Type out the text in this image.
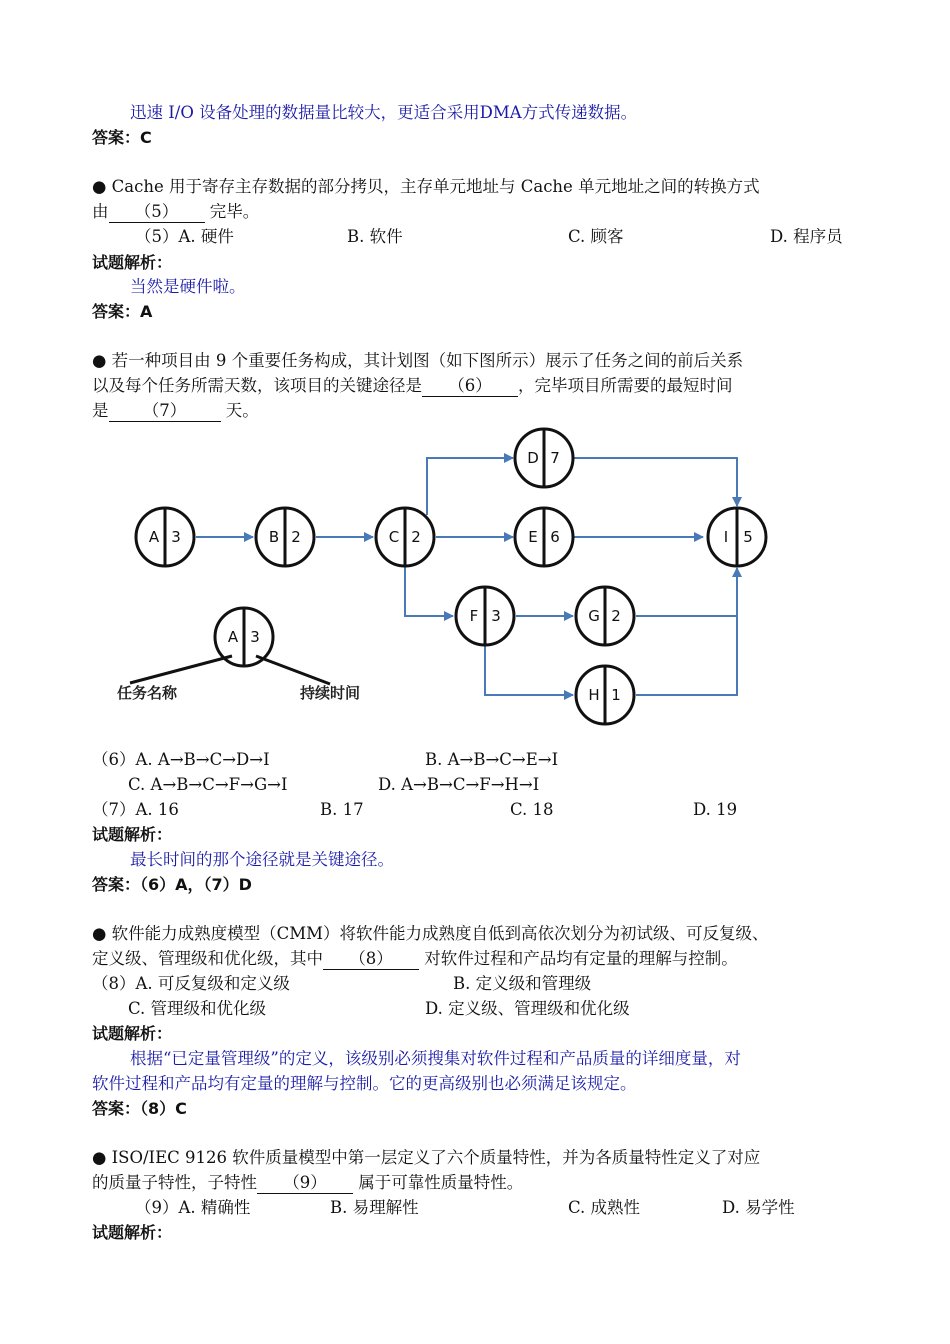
迅速 I/O 设备处理的数据量比较大，更适合采用DMA方式传递数据。
答案：C
● Cache 用于寄存主存数据的部分拷贝，主存单元地址与 Cache 单元地址之间的转换方式
由 （5） 完毕。
（5）A. 硬件	B. 软件	C. 顾客	D. 程序员
试题解析：
当然是硬件啦。
答案：A
● 若一种项目由 9 个重要任务构成，其计划图（如下图所示）展示了任务之间的前后关系
以及每个任务所需天数，该项目的关键途径是 （6） ，完毕项目所需要的最短时间
是 （7） 天。
A 3	B 2	C 2
D 7
E 6
F 3	G 2
H 1
I 5
A 3
任务名称	持续时间
（6）A. A→B→C→D→I	B. A→B→C→E→I
C. A→B→C→F→G→I	D. A→B→C→F→H→I
（7）A. 16	B. 17	C. 18	D. 19
试题解析：
最长时间的那个途径就是关键途径。
答案：（6）A，（7）D
● 软件能力成熟度模型（CMM）将软件能力成熟度自低到高依次划分为初试级、可反复级、
定义级、管理级和优化级，其中 （8） 对软件过程和产品均有定量的理解与控制。
（8）A. 可反复级和定义级	B. 定义级和管理级
C. 管理级和优化级	D. 定义级、管理级和优化级
试题解析：
根据“已定量管理级”的定义，该级别必须搜集对软件过程和产品质量的详细度量，对
软件过程和产品均有定量的理解与控制。它的更高级别也必须满足该规定。
答案：（8）C
● ISO/IEC 9126 软件质量模型中第一层定义了六个质量特性，并为各质量特性定义了对应
的质量子特性，子特性 （9） 属于可靠性质量特性。
（9）A. 精确性	B. 易理解性	C. 成熟性	D. 易学性
试题解析：
